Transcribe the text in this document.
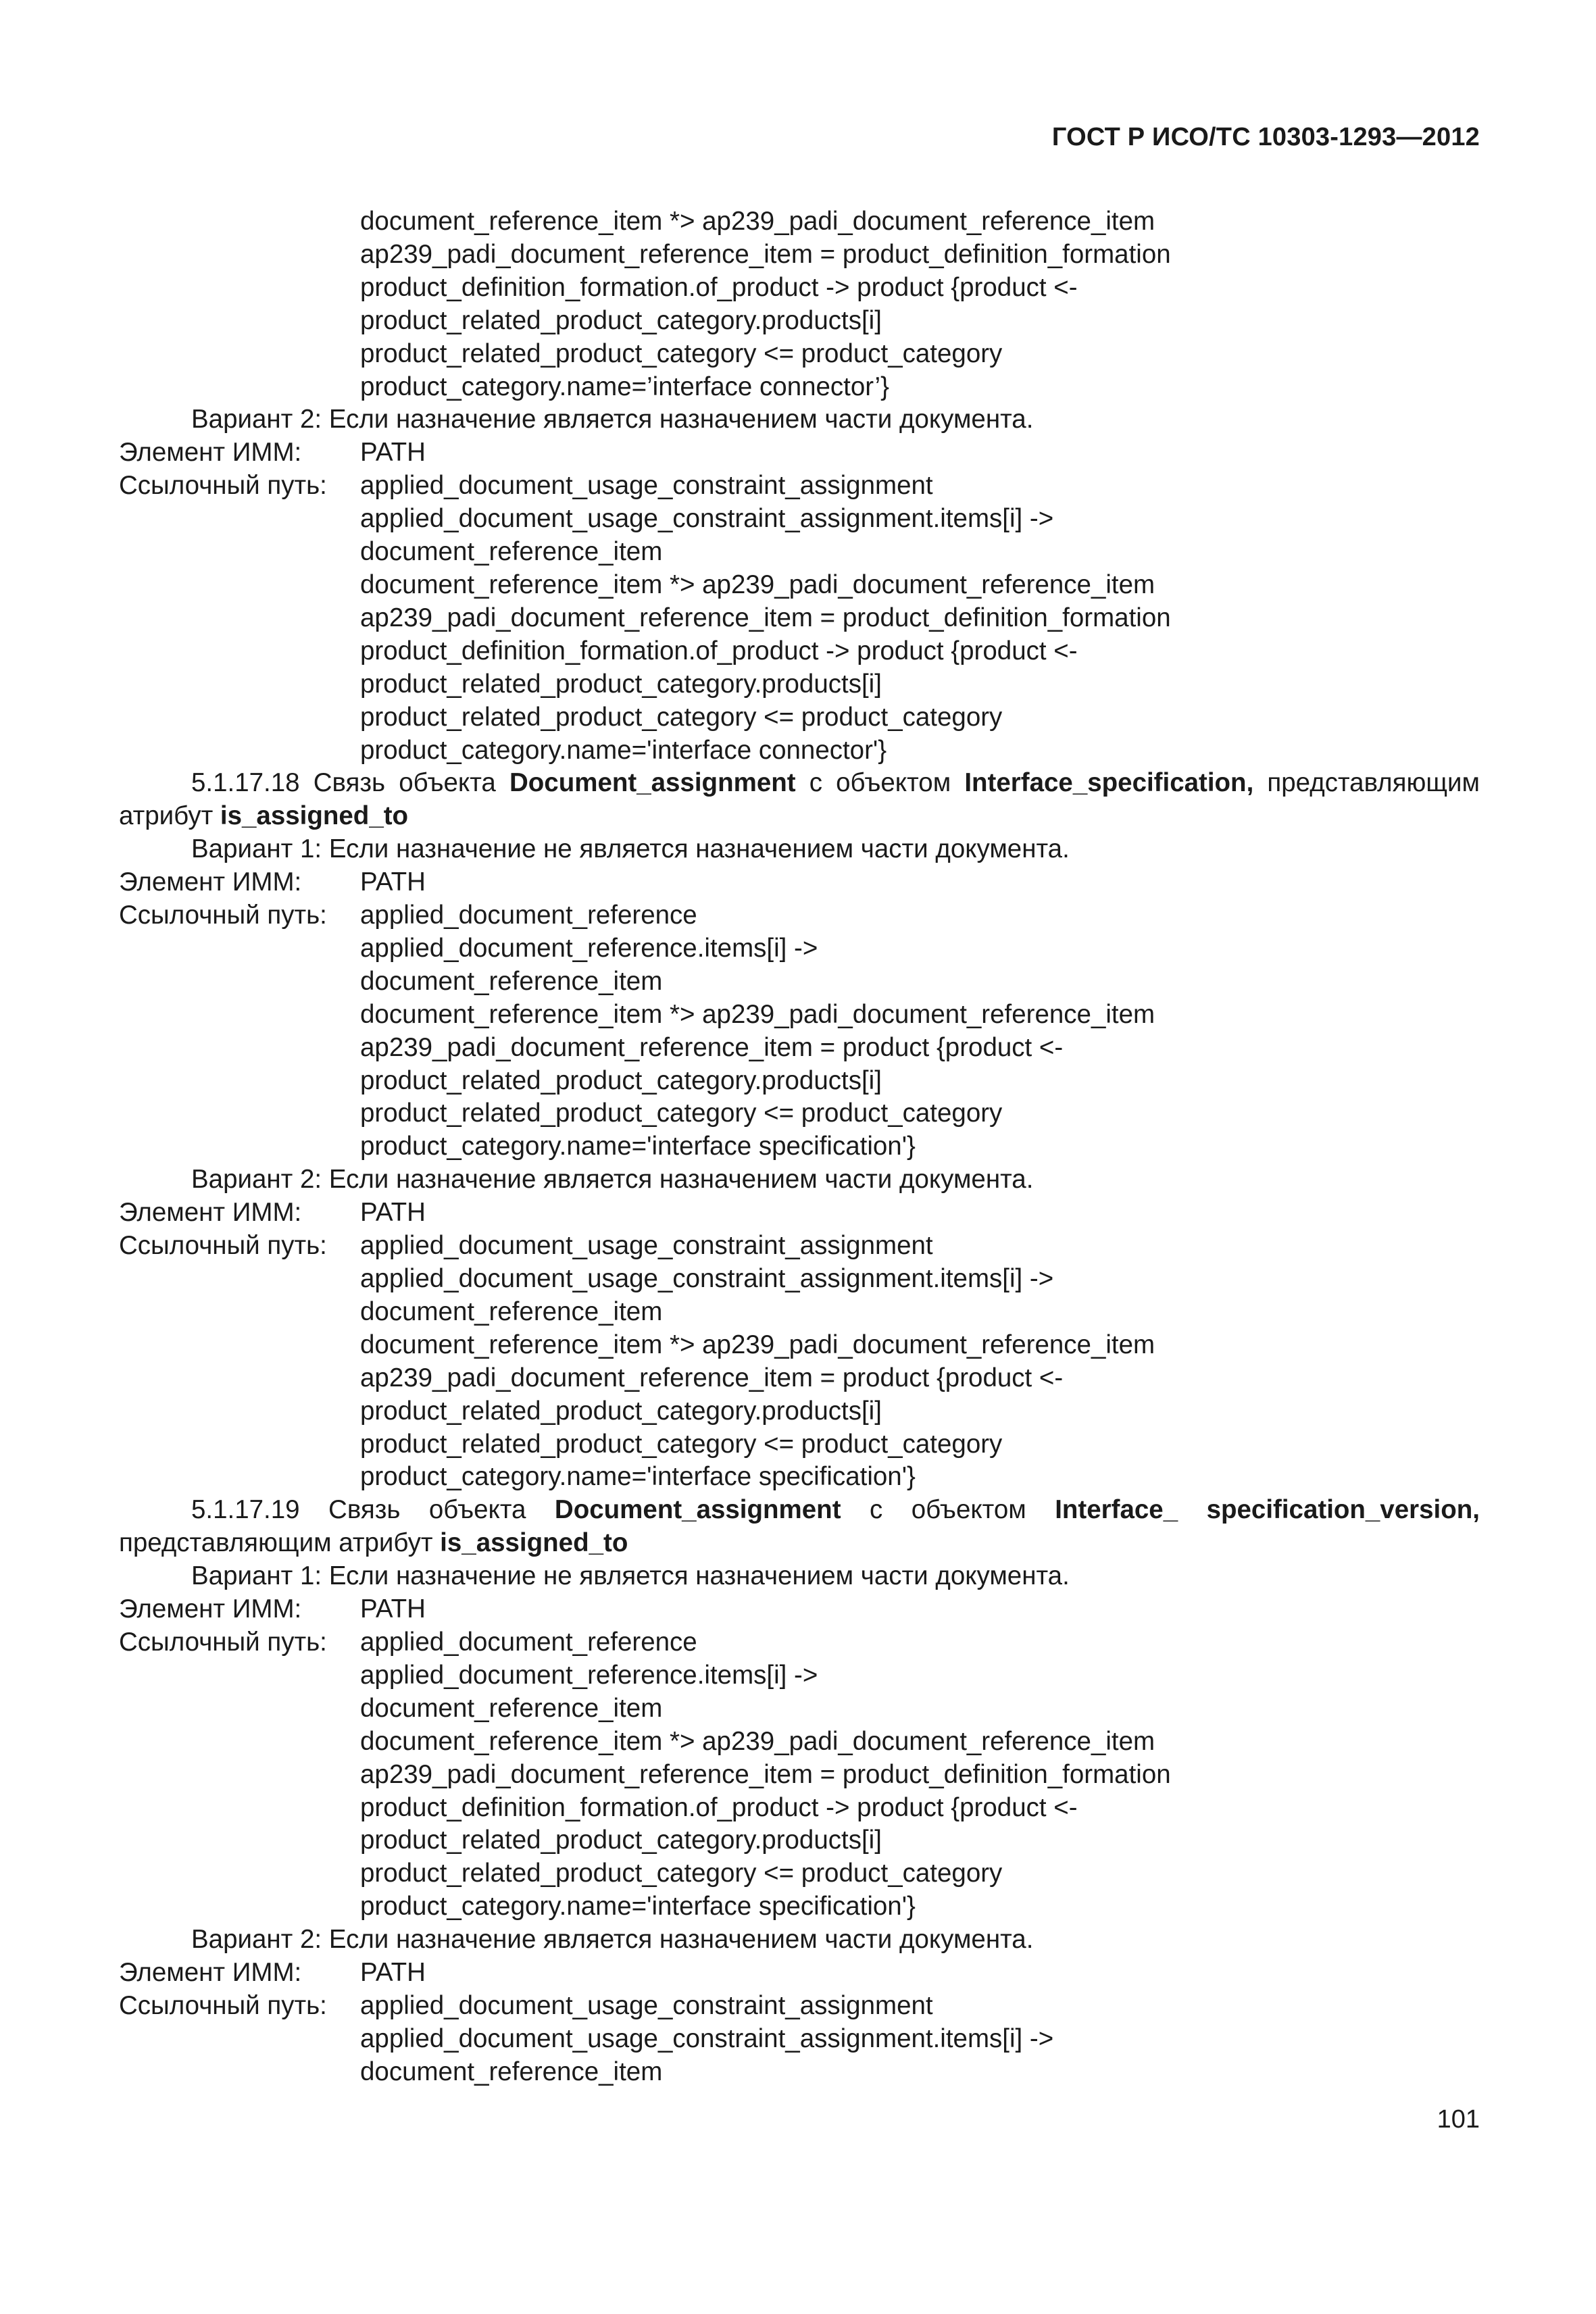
ГОСТ Р ИСО/ТС 10303-1293—2012
document_reference_item *> ap239_padi_document_reference_item
ap239_padi_document_reference_item = product_definition_formation
product_definition_formation.of_product -> product {product <-
product_related_product_category.products[i]
product_related_product_category <= product_category
product_category.name=’interface connector’}
Вариант 2: Если назначение является назначением части документа.
Элемент ИММ:	PATH
Ссылочный путь:	applied_document_usage_constraint_assignment
applied_document_usage_constraint_assignment.items[i] ->
document_reference_item
document_reference_item *> ap239_padi_document_reference_item
ap239_padi_document_reference_item = product_definition_formation
product_definition_formation.of_product -> product {product <-
product_related_product_category.products[i]
product_related_product_category <= product_category
product_category.name='interface connector'}
5.1.17.18 Связь объекта Document_assignment с объектом Interface_specification, представляющим атрибут is_assigned_to
Вариант 1: Если назначение не является назначением части документа.
Элемент ИММ:	PATH
Ссылочный путь:	applied_document_reference
applied_document_reference.items[i] ->
document_reference_item
document_reference_item *> ap239_padi_document_reference_item
ap239_padi_document_reference_item = product {product <-
product_related_product_category.products[i]
product_related_product_category <= product_category
product_category.name='interface specification'}
Вариант 2: Если назначение является назначением части документа.
Элемент ИММ:	PATH
Ссылочный путь:	applied_document_usage_constraint_assignment
applied_document_usage_constraint_assignment.items[i] ->
document_reference_item
document_reference_item *> ap239_padi_document_reference_item
ap239_padi_document_reference_item = product {product <-
product_related_product_category.products[i]
product_related_product_category <= product_category
product_category.name='interface specification'}
5.1.17.19 Связь объекта Document_assignment с объектом Interface_ specification_version, представляющим атрибут is_assigned_to
Вариант 1: Если назначение не является назначением части документа.
Элемент ИММ:	PATH
Ссылочный путь:	applied_document_reference
applied_document_reference.items[i] ->
document_reference_item
document_reference_item *> ap239_padi_document_reference_item
ap239_padi_document_reference_item = product_definition_formation
product_definition_formation.of_product -> product {product <-
product_related_product_category.products[i]
product_related_product_category <= product_category
product_category.name='interface specification'}
Вариант 2: Если назначение является назначением части документа.
Элемент ИММ:	PATH
Ссылочный путь:	applied_document_usage_constraint_assignment
applied_document_usage_constraint_assignment.items[i] ->
document_reference_item
101
